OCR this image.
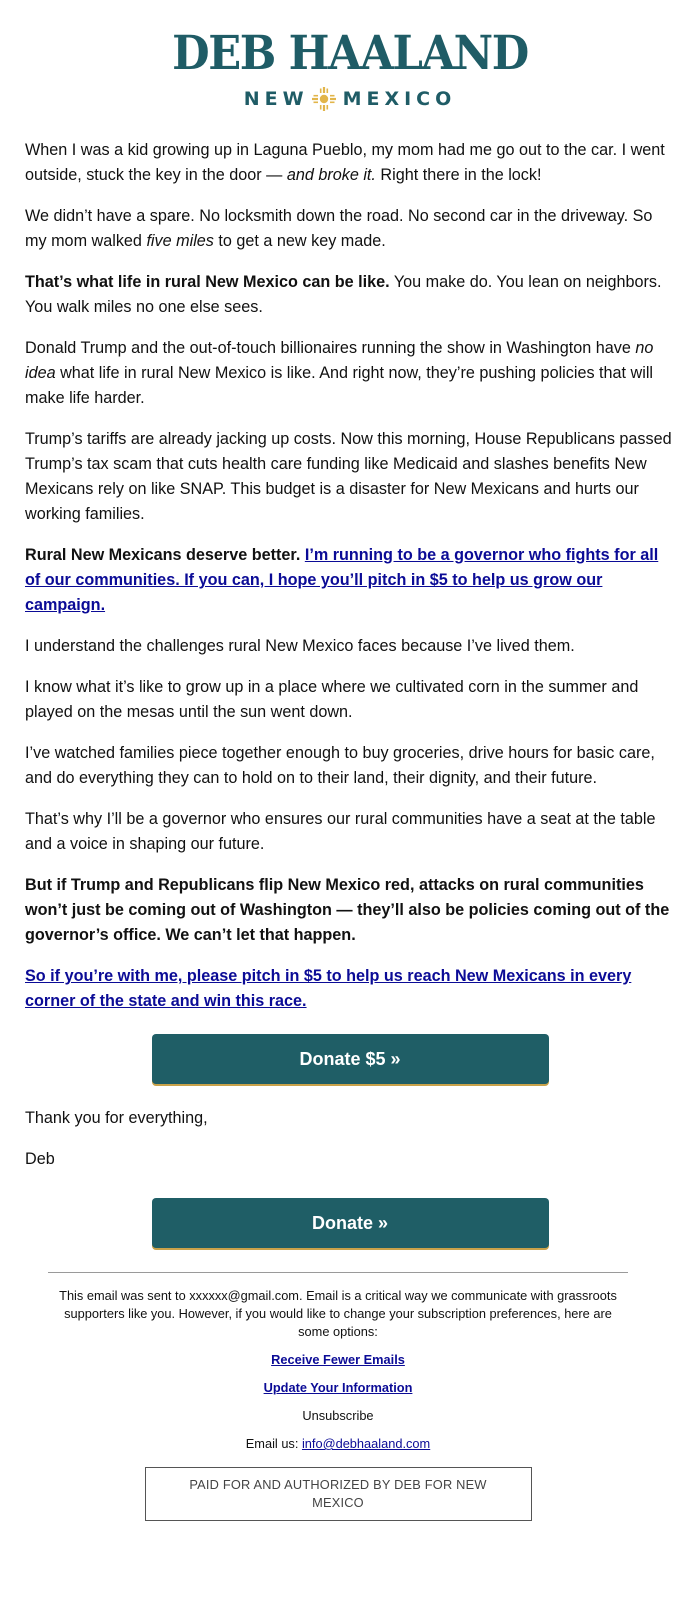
DEB HAALAND
NEW MEXICO

When I was a kid growing up in Laguna Pueblo, my mom had me go out to the car. I went outside, stuck the key in the door — and broke it. Right there in the lock!

We didn’t have a spare. No locksmith down the road. No second car in the driveway. So my mom walked five miles to get a new key made.

That’s what life in rural New Mexico can be like. You make do. You lean on neighbors. You walk miles no one else sees.

Donald Trump and the out-of-touch billionaires running the show in Washington have no idea what life in rural New Mexico is like. And right now, they’re pushing policies that will make life harder.

Trump’s tariffs are already jacking up costs. Now this morning, House Republicans passed Trump’s tax scam that cuts health care funding like Medicaid and slashes benefits New Mexicans rely on like SNAP. This budget is a disaster for New Mexicans and hurts our working families.

Rural New Mexicans deserve better. I’m running to be a governor who fights for all of our communities. If you can, I hope you’ll pitch in $5 to help us grow our campaign.

I understand the challenges rural New Mexico faces because I’ve lived them.

I know what it’s like to grow up in a place where we cultivated corn in the summer and played on the mesas until the sun went down.

I’ve watched families piece together enough to buy groceries, drive hours for basic care, and do everything they can to hold on to their land, their dignity, and their future.

That’s why I’ll be a governor who ensures our rural communities have a seat at the table and a voice in shaping our future.

But if Trump and Republicans flip New Mexico red, attacks on rural communities won’t just be coming out of Washington — they’ll also be policies coming out of the governor’s office. We can’t let that happen.

So if you’re with me, please pitch in $5 to help us reach New Mexicans in every corner of the state and win this race.

Donate $5 »

Thank you for everything,

Deb

Donate »
This email was sent to xxxxxx@gmail.com. Email is a critical way we communicate with grassroots supporters like you. However, if you would like to change your subscription preferences, here are some options:
Receive Fewer Emails
Update Your Information
Unsubscribe
Email us: info@debhaaland.com
PAID FOR AND AUTHORIZED BY DEB FOR NEW MEXICO
